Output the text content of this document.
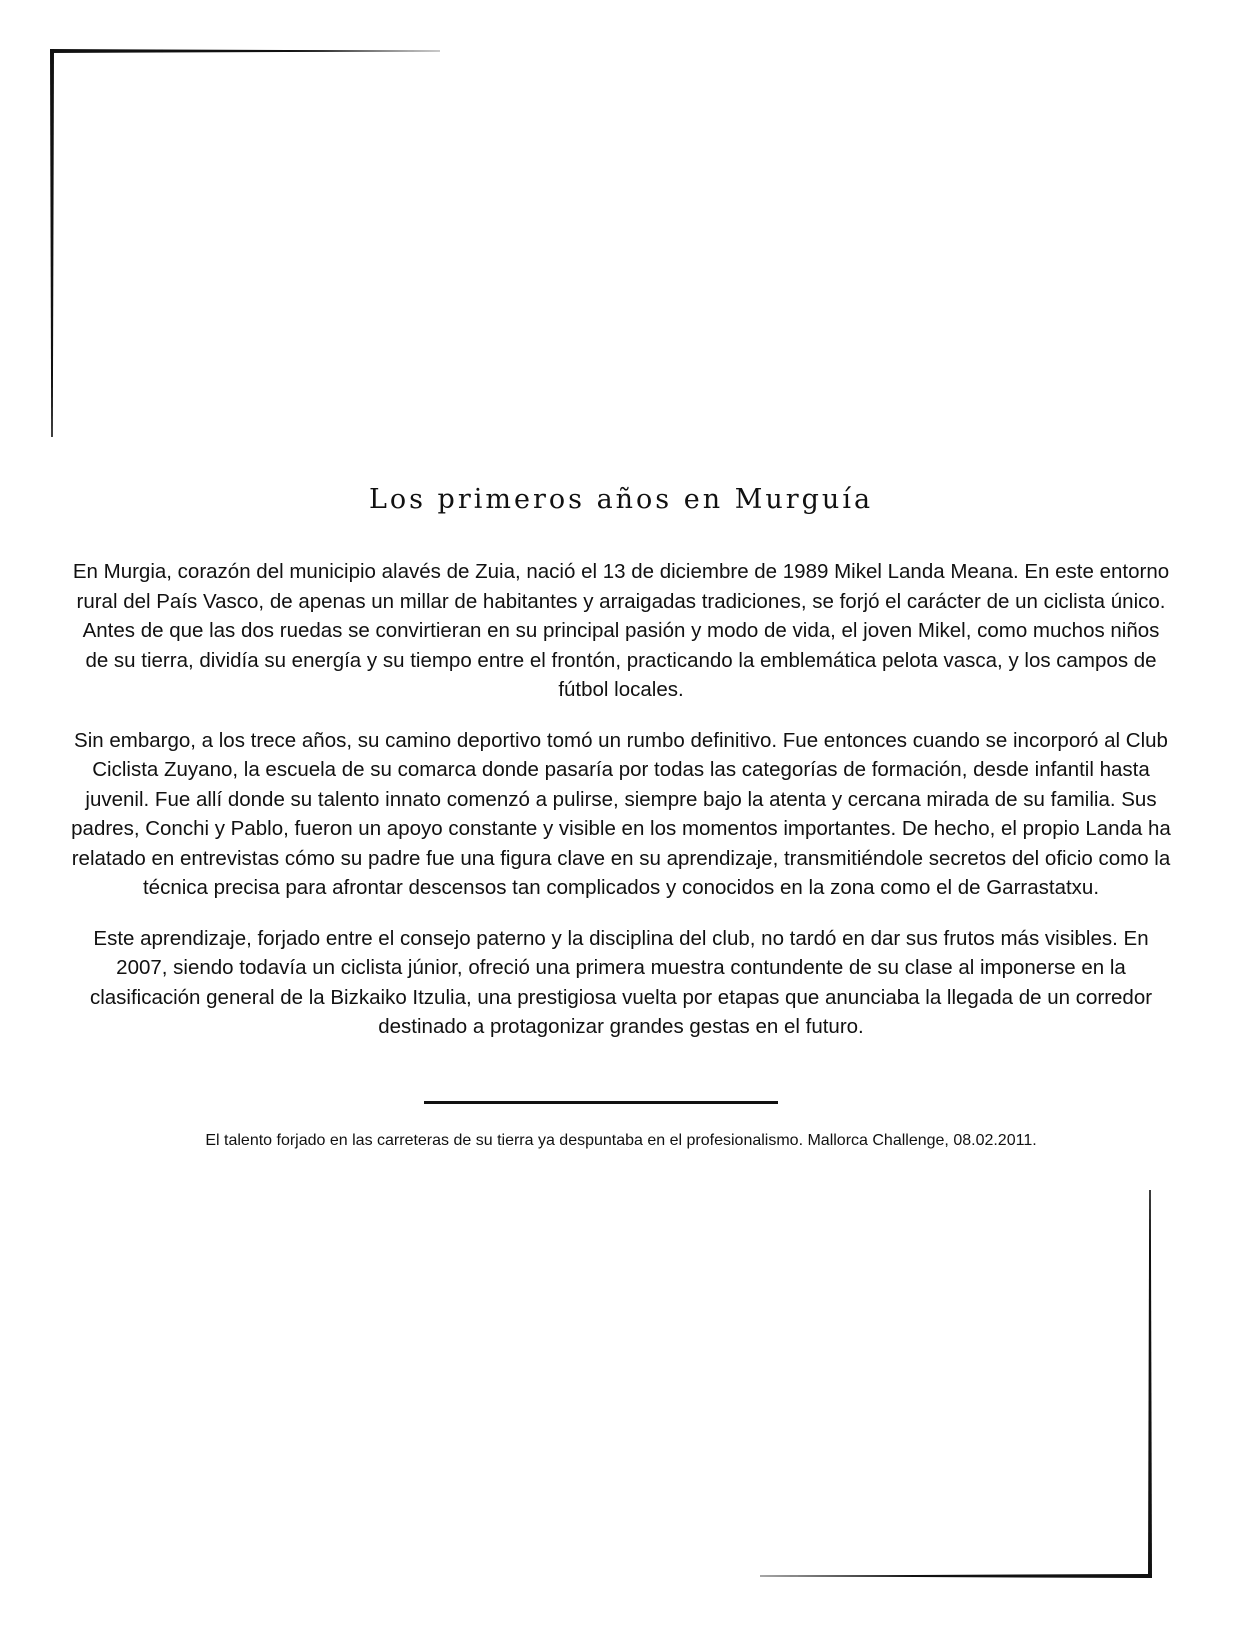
Los primeros años en Murguía

En Murgia, corazón del municipio alavés de Zuia, nació el 13 de diciembre de 1989 Mikel Landa Meana. En este entorno rural del País Vasco, de apenas un millar de habitantes y arraigadas tradiciones, se forjó el carácter de un ciclista único. Antes de que las dos ruedas se convirtieran en su principal pasión y modo de vida, el joven Mikel, como muchos niños de su tierra, dividía su energía y su tiempo entre el frontón, practicando la emblemática pelota vasca, y los campos de fútbol locales.

Sin embargo, a los trece años, su camino deportivo tomó un rumbo definitivo. Fue entonces cuando se incorporó al Club Ciclista Zuyano, la escuela de su comarca donde pasaría por todas las categorías de formación, desde infantil hasta juvenil. Fue allí donde su talento innato comenzó a pulirse, siempre bajo la atenta y cercana mirada de su familia. Sus padres, Conchi y Pablo, fueron un apoyo constante y visible en los momentos importantes. De hecho, el propio Landa ha relatado en entrevistas cómo su padre fue una figura clave en su aprendizaje, transmitiéndole secretos del oficio como la técnica precisa para afrontar descensos tan complicados y conocidos en la zona como el de Garrastatxu.

Este aprendizaje, forjado entre el consejo paterno y la disciplina del club, no tardó en dar sus frutos más visibles. En 2007, siendo todavía un ciclista júnior, ofreció una primera muestra contundente de su clase al imponerse en la clasificación general de la Bizkaiko Itzulia, una prestigiosa vuelta por etapas que anunciaba la llegada de un corredor destinado a protagonizar grandes gestas en el futuro.

El talento forjado en las carreteras de su tierra ya despuntaba en el profesionalismo. Mallorca Challenge, 08.02.2011.
